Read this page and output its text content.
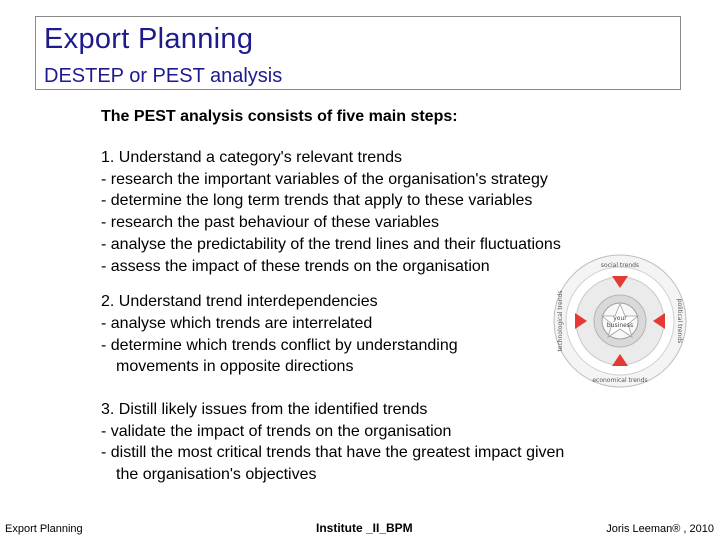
Export Planning
DESTEP or PEST analysis
your
business
social trends
political trends
economical trends
technological trends

The PEST analysis consists of five main steps:

1. Understand a category's relevant trends
- research the important variables of the organisation's strategy
- determine the long term trends that apply to these variables
- research the past behaviour of these variables
- analyse the predictability of the trend lines and their fluctuations
- assess the impact of these trends on the organisation
2. Understand trend interdependencies
- analyse which trends are interrelated
- determine which trends conflict by understanding
movements in opposite directions
3. Distill likely issues from the identified trends
- validate the impact of trends on the organisation
- distill the most critical trends that have the greatest impact given
the organisation's objectives
Export Planning	Institute _II_BPM	Joris Leeman® , 2010
